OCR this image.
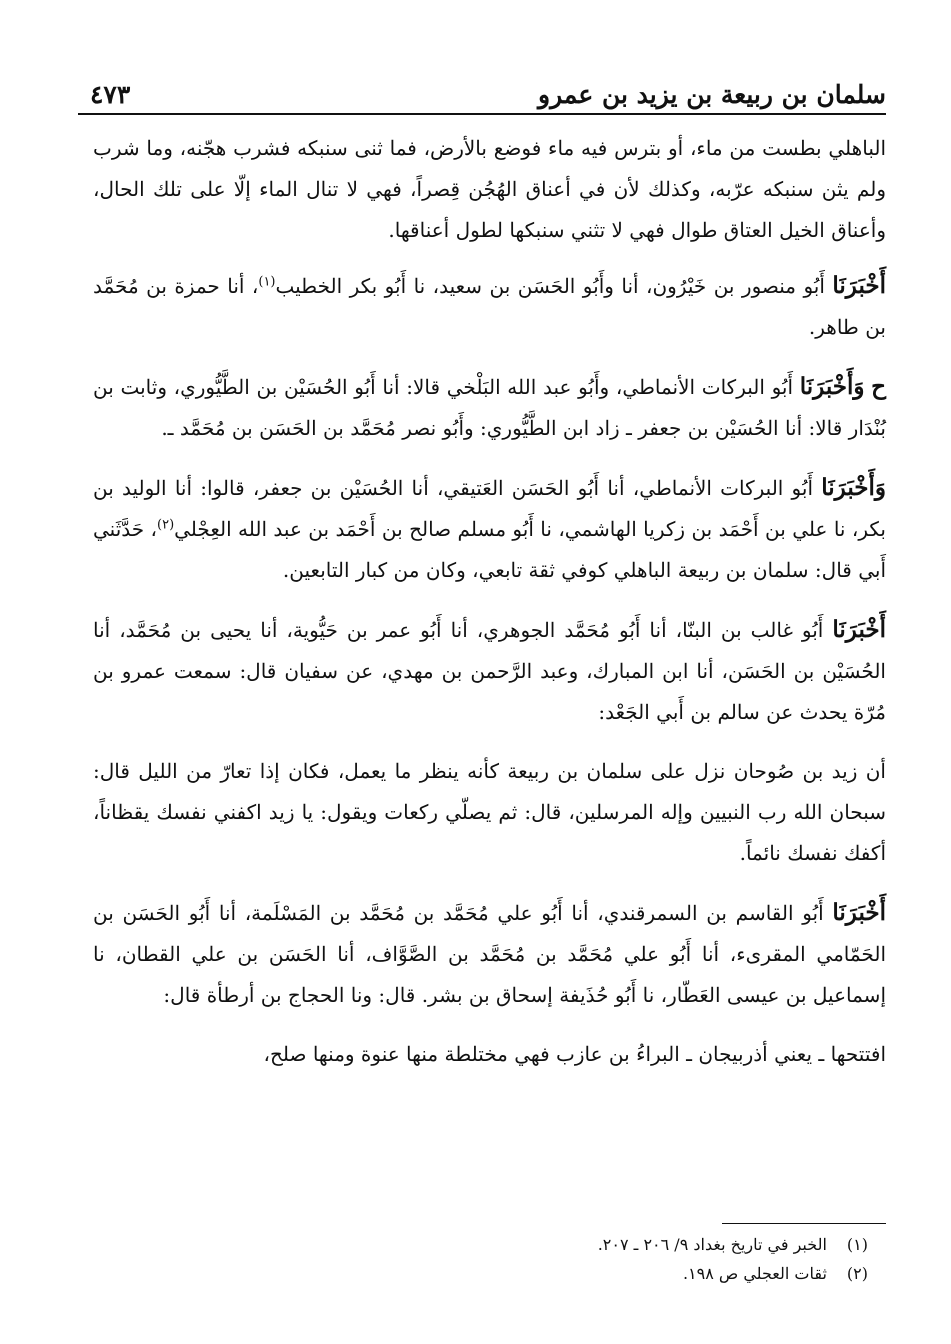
سلمان بن ربيعة بن يزيد بن عمرو
٤٧٣

الباهلي بطست من ماء، أو بترس فيه ماء فوضع بالأرض، فما ثنى سنبكه فشرب هجّنه، وما شرب ولم يثن سنبكه عرّبه، وكذلك لأن في أعناق الهُجُن قِصراً، فهي لا تنال الماء إلّا على تلك الحال، وأعناق الخيل العتاق طوال فهي لا تثني سنبكها لطول أعناقها.

أَخْبَرَنَا أَبُو منصور بن خَيْرُون، أنا وأَبُو الحَسَن بن سعيد، نا أَبُو بكر الخطيب$^{(١)}$، أنا حمزة بن مُحَمَّد بن طاهر.

ح وَأَخْبَرَنَا أَبُو البركات الأنماطي، وأَبُو عبد الله البَلْخي قالا: أنا أَبُو الحُسَيْن بن الطَّيُّوري، وثابت بن بُنْدَار قالا: أنا الحُسَيْن بن جعفر ـ زاد ابن الطَّيُّوري: وأَبُو نصر مُحَمَّد بن الحَسَن بن مُحَمَّد ـ.

وَأَخْبَرَنَا أَبُو البركات الأنماطي، أنا أَبُو الحَسَن العَتيقي، أنا الحُسَيْن بن جعفر، قالوا: أنا الوليد بن بكر، نا علي بن أَحْمَد بن زكريا الهاشمي، نا أَبُو مسلم صالح بن أَحْمَد بن عبد الله العِجْلي$^{(٢)}$، حَدَّثَني أَبي قال: سلمان بن ربيعة الباهلي كوفي ثقة تابعي، وكان من كبار التابعين.

أَخْبَرَنَا أَبُو غالب بن البنّا، أنا أَبُو مُحَمَّد الجوهري، أنا أَبُو عمر بن حَيُّوية، أنا يحيى بن مُحَمَّد، أنا الحُسَيْن بن الحَسَن، أنا ابن المبارك، وعبد الرَّحمن بن مهدي، عن سفيان قال: سمعت عمرو بن مُرّة يحدث عن سالم بن أَبي الجَعْد:

أن زيد بن صُوحان نزل على سلمان بن ربيعة كأنه ينظر ما يعمل، فكان إذا تعارّ من الليل قال: سبحان الله رب النبيين وإله المرسلين، قال: ثم يصلّي ركعات ويقول: يا زيد اكفني نفسك يقظاناً، أكفك نفسك نائماً.

أَخْبَرَنَا أَبُو القاسم بن السمرقندي، أنا أَبُو علي مُحَمَّد بن مُحَمَّد بن المَسْلَمة، أنا أَبُو الحَسَن بن الحَمّامي المقرىء، أنا أَبُو علي مُحَمَّد بن مُحَمَّد بن الصَّوَّاف، أنا الحَسَن بن علي القطان، نا إسماعيل بن عيسى العَطّار، نا أَبُو حُذَيفة إسحاق بن بشر. قال: ونا الحجاج بن أرطأة قال:

افتتحها ـ يعني أذربيجان ـ البراءُ بن عازب فهي مختلطة منها عنوة ومنها صلح،

(١)
الخبر في تاريخ بغداد ٩/ ٢٠٦ ـ ٢٠٧.
(٢)
ثقات العجلي ص ١٩٨.
